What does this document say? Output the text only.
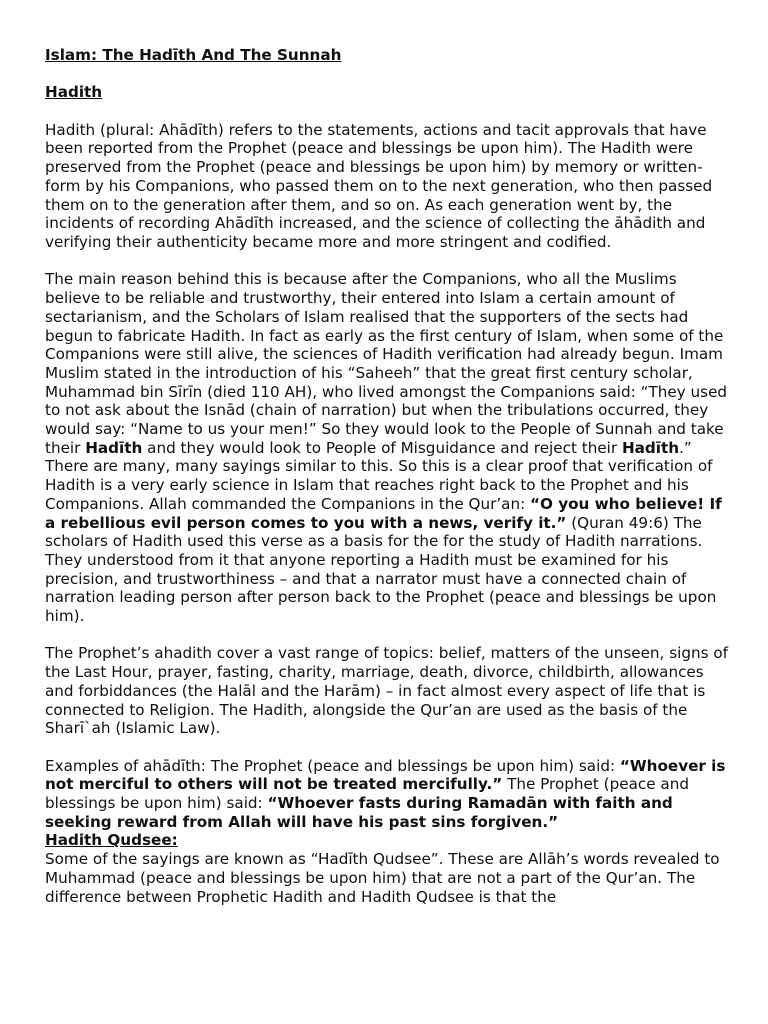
Islam: The Hadīth And The Sunnah
Hadith

Hadith (plural: Ahādīth) refers to the statements, actions and tacit approvals that have been reported from the Prophet (peace and blessings be upon him). The Hadith were preserved from the Prophet (peace and blessings be upon him) by memory or written-form by his Companions, who passed them on to the next generation, who then passed them on to the generation after them, and so on. As each generation went by, the incidents of recording Ahādīth increased, and the science of collecting the āhādith and verifying their authenticity became more and more stringent and codified.

The main reason behind this is because after the Companions, who all the Muslims believe to be reliable and trustworthy, their entered into Islam a certain amount of sectarianism, and the Scholars of Islam realised that the supporters of the sects had begun to fabricate Hadith. In fact as early as the first century of Islam, when some of the Companions were still alive, the sciences of Hadith verification had already begun. Imam Muslim stated in the introduction of his “Saheeh” that the great first century scholar, Muhammad bin Sīrīn (died 110 AH), who lived amongst the Companions said: “They used to not ask about the Isnād (chain of narration) but when the tribulations occurred, they would say: “Name to us your men!” So they would look to the People of Sunnah and take their Hadīth and they would look to People of Misguidance and reject their Hadīth.” There are many, many sayings similar to this. So this is a clear proof that verification of Hadith is a very early science in Islam that reaches right back to the Prophet and his Companions. Allah commanded the Companions in the Qur’an: “O you who believe! If a rebellious evil person comes to you with a news, verify it.” (Quran 49:6) The scholars of Hadith used this verse as a basis for the for the study of Hadith narrations. They understood from it that anyone reporting a Hadith must be examined for his precision, and trustworthiness – and that a narrator must have a connected chain of narration leading person after person back to the Prophet (peace and blessings be upon him).

The Prophet’s ahadith cover a vast range of topics: belief, matters of the unseen, signs of the Last Hour, prayer, fasting, charity, marriage, death, divorce, childbirth, allowances and forbiddances (the Halāl and the Harām) – in fact almost every aspect of life that is connected to Religion. The Hadith, alongside the Qur’an are used as the basis of the Sharī`ah (Islamic Law).

Examples of ahādīth: The Prophet (peace and blessings be upon him) said: “Whoever is not merciful to others will not be treated mercifully.” The Prophet (peace and blessings be upon him) said: “Whoever fasts during Ramadān with faith and seeking reward from Allah will have his past sins forgiven.”

Hadith Qudsee:

Some of the sayings are known as “Hadīth Qudsee”. These are Allāh’s words revealed to Muhammad (peace and blessings be upon him) that are not a part of the Qur’an. The difference between Prophetic Hadith and Hadith Qudsee is that the
